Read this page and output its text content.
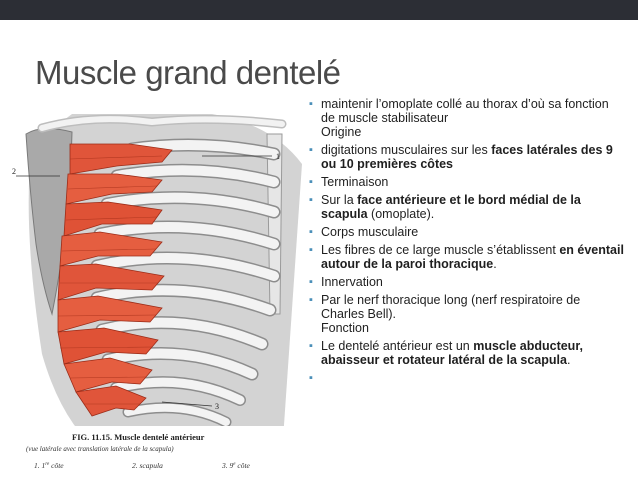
Muscle grand dentelé
1
2
3
FIG. 11.15. Muscle dentelé antérieur
(vue latérale avec translation latérale de la scapula)
1. 1re côte	2. scapula	3. 9e côte
▪ maintenir l’omoplate collé au thorax d’où sa fonction de muscle stabilisateur
Origine
▪ digitations musculaires sur les faces latérales des 9 ou 10 premières côtes
▪ Terminaison
▪ Sur la face antérieure et le bord médial de la scapula (omoplate).
▪ Corps musculaire
▪ Les fibres de ce large muscle s’établissent en éventail autour de la paroi thoracique.
▪ Innervation
▪ Par le nerf thoracique long (nerf respiratoire de Charles Bell).
Fonction
▪ Le dentelé antérieur est un muscle abducteur, abaisseur et rotateur latéral de la scapula.
▪
